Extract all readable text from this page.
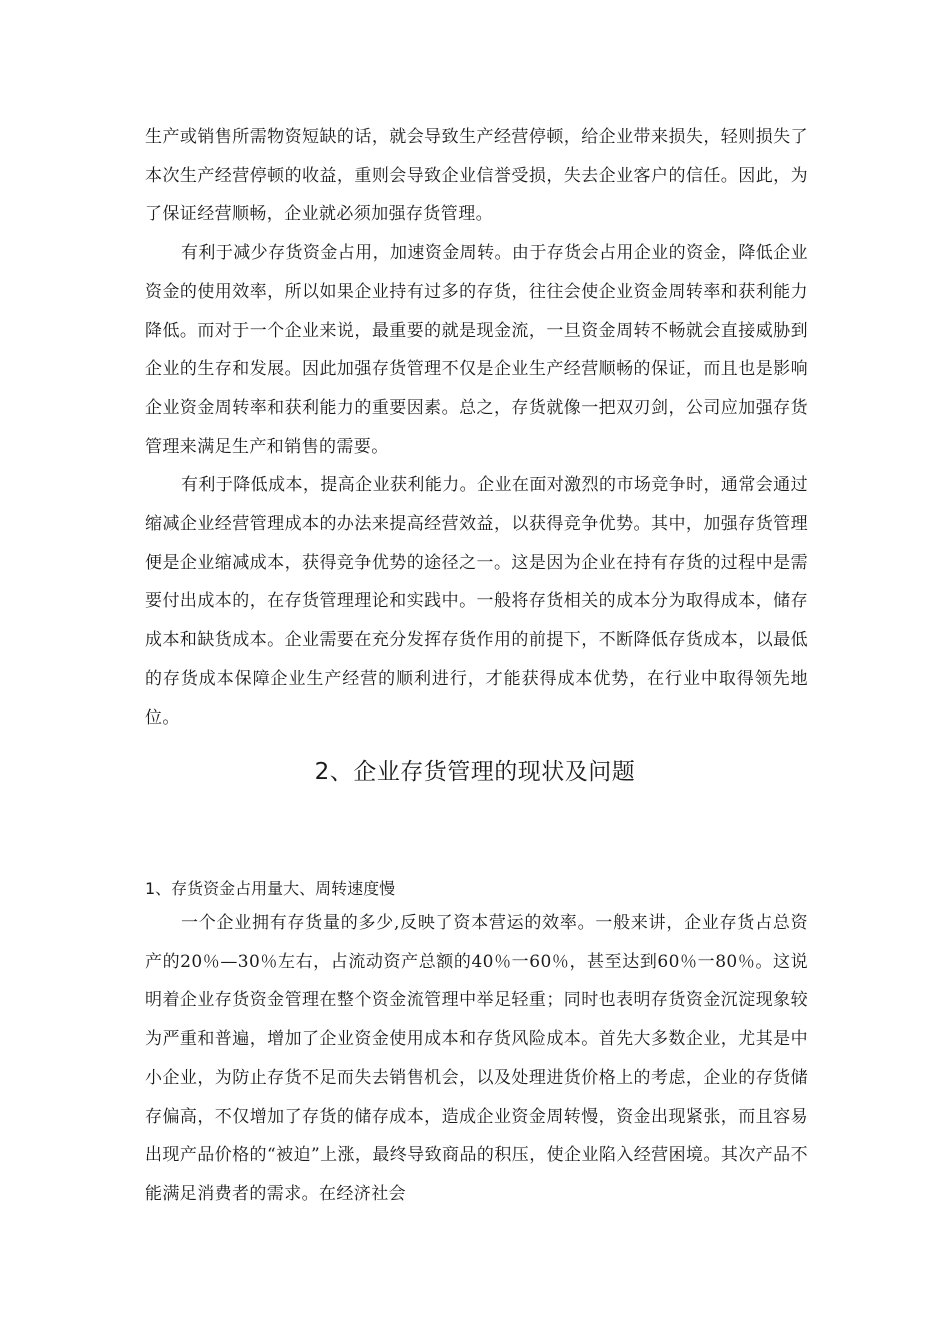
生产或销售所需物资短缺的话，就会导致生产经营停顿，给企业带来损失，轻则损失了本次生产经营停顿的收益，重则会导致企业信誉受损，失去企业客户的信任。因此，为了保证经营顺畅，企业就必须加强存货管理。

有利于减少存货资金占用，加速资金周转。由于存货会占用企业的资金，降低企业资金的使用效率，所以如果企业持有过多的存货，往往会使企业资金周转率和获利能力降低。而对于一个企业来说，最重要的就是现金流，一旦资金周转不畅就会直接威胁到企业的生存和发展。因此加强存货管理不仅是企业生产经营顺畅的保证，而且也是影响企业资金周转率和获利能力的重要因素。总之，存货就像一把双刃剑，公司应加强存货管理来满足生产和销售的需要。

有利于降低成本，提高企业获利能力。企业在面对激烈的市场竞争时，通常会通过缩减企业经营管理成本的办法来提高经营效益，以获得竞争优势。其中，加强存货管理便是企业缩减成本，获得竞争优势的途径之一。这是因为企业在持有存货的过程中是需要付出成本的，在存货管理理论和实践中。一般将存货相关的成本分为取得成本，储存成本和缺货成本。企业需要在充分发挥存货作用的前提下，不断降低存货成本，以最低的存货成本保障企业生产经营的顺利进行，才能获得成本优势，在行业中取得领先地位。

2、企业存货管理的现状及问题
1、存货资金占用量大、周转速度慢

一个企业拥有存货量的多少,反映了资本营运的效率。一般来讲，企业存货占总资产的20％—30％左右，占流动资产总额的40％一60％，甚至达到60％一80％。这说明着企业存货资金管理在整个资金流管理中举足轻重；同时也表明存货资金沉淀现象较为严重和普遍，增加了企业资金使用成本和存货风险成本。首先大多数企业，尤其是中小企业，为防止存货不足而失去销售机会，以及处理进货价格上的考虑，企业的存货储存偏高，不仅增加了存货的储存成本，造成企业资金周转慢，资金出现紧张，而且容易出现产品价格的“被迫”上涨，最终导致商品的积压，使企业陷入经营困境。其次产品不能满足消费者的需求。在经济社会
